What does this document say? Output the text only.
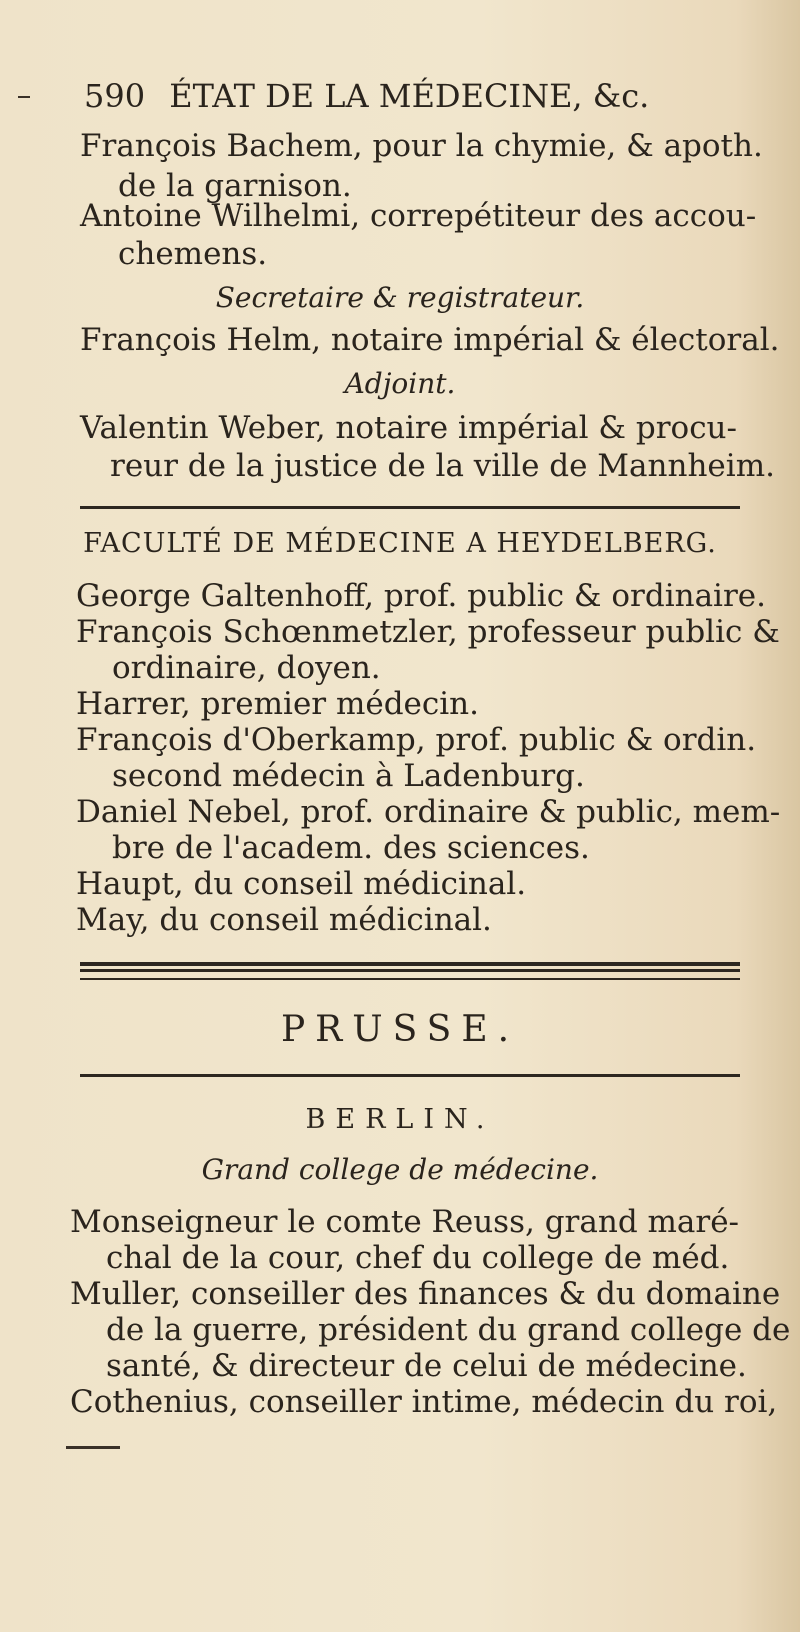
590 ÉTAT DE LA MÉDECINE, &c.
François Bachem, pour la chymie, & apoth.
de la garnison.
Antoine Wilhelmi, correpétiteur des accou-
chemens.
Secretaire & registrateur.
François Helm, notaire impérial & électoral.
Adjoint.
Valentin Weber, notaire impérial & procu-
reur de la justice de la ville de Mannheim.
FACULTÉ DE MÉDECINE A HEYDELBERG.
George Galtenhoff, prof. public & ordinaire.
François Schœnmetzler, professeur public &
ordinaire, doyen.
Harrer, premier médecin.
François d'Oberkamp, prof. public & ordin.
second médecin à Ladenburg.
Daniel Nebel, prof. ordinaire & public, mem-
bre de l'academ. des sciences.
Haupt, du conseil médicinal.
May, du conseil médicinal.
PRUSSE.
BERLIN.
Grand college de médecine.
Monseigneur le comte Reuss, grand maré-
chal de la cour, chef du college de méd.
Muller, conseiller des finances & du domaine
de la guerre, président du grand college de
santé, & directeur de celui de médecine.
Cothenius, conseiller intime, médecin du roi,
